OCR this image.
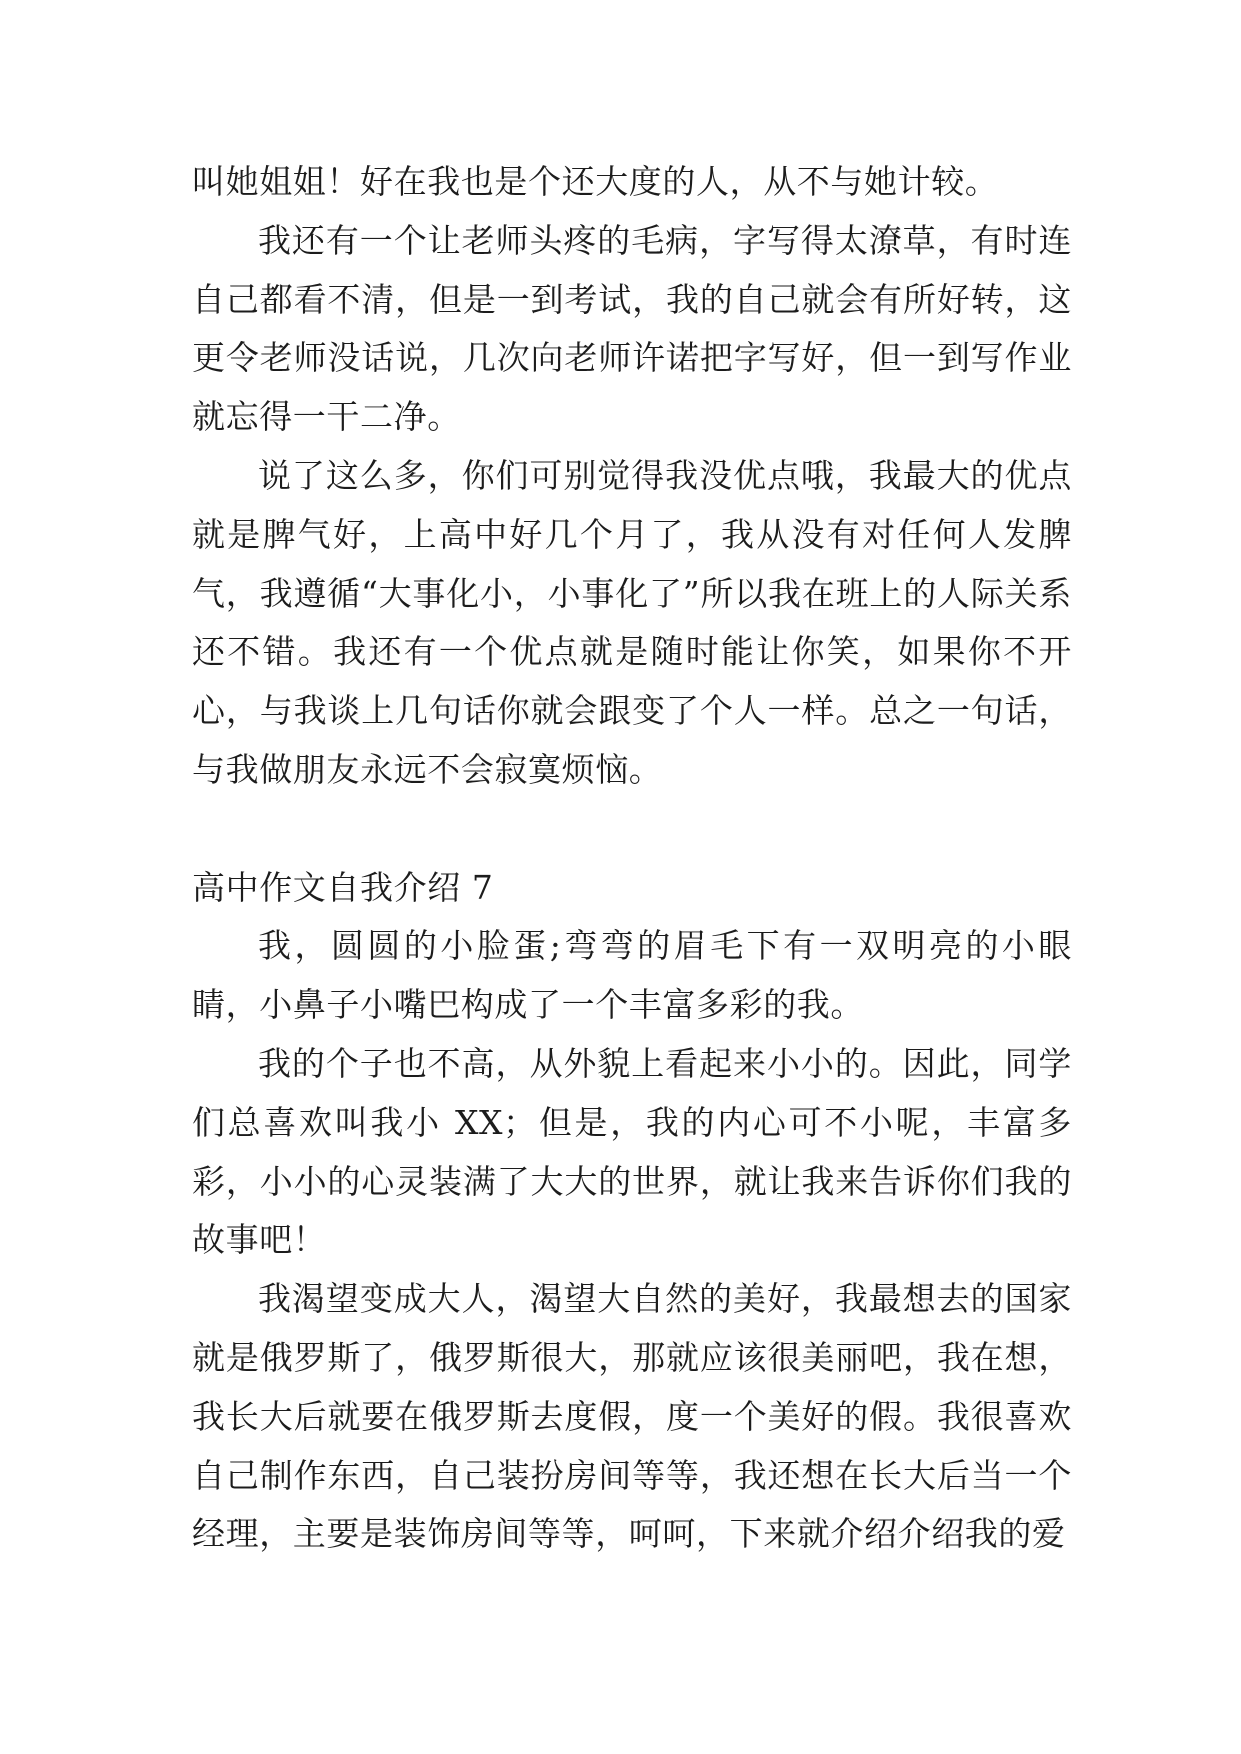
叫她姐姐！好在我也是个还大度的人，从不与她计较。

我还有一个让老师头疼的毛病，字写得太潦草，有时连自己都看不清，但是一到考试，我的自己就会有所好转，这更令老师没话说，几次向老师许诺把字写好，但一到写作业就忘得一干二净。

说了这么多，你们可别觉得我没优点哦，我最大的优点就是脾气好，上高中好几个月了，我从没有对任何人发脾气，我遵循“大事化小，小事化了”所以我在班上的人际关系还不错。我还有一个优点就是随时能让你笑，如果你不开心，与我谈上几句话你就会跟变了个人一样。总之一句话，与我做朋友永远不会寂寞烦恼。

高中作文自我介绍 7

我，圆圆的小脸蛋;弯弯的眉毛下有一双明亮的小眼睛，小鼻子小嘴巴构成了一个丰富多彩的我。

我的个子也不高，从外貌上看起来小小的。因此，同学们总喜欢叫我小 XX；但是，我的内心可不小呢，丰富多彩，小小的心灵装满了大大的世界，就让我来告诉你们我的故事吧！

我渴望变成大人，渴望大自然的美好，我最想去的国家就是俄罗斯了，俄罗斯很大，那就应该很美丽吧，我在想，我长大后就要在俄罗斯去度假，度一个美好的假。我很喜欢自己制作东西，自己装扮房间等等，我还想在长大后当一个经理，主要是装饰房间等等，呵呵，下来就介绍介绍我的爱
